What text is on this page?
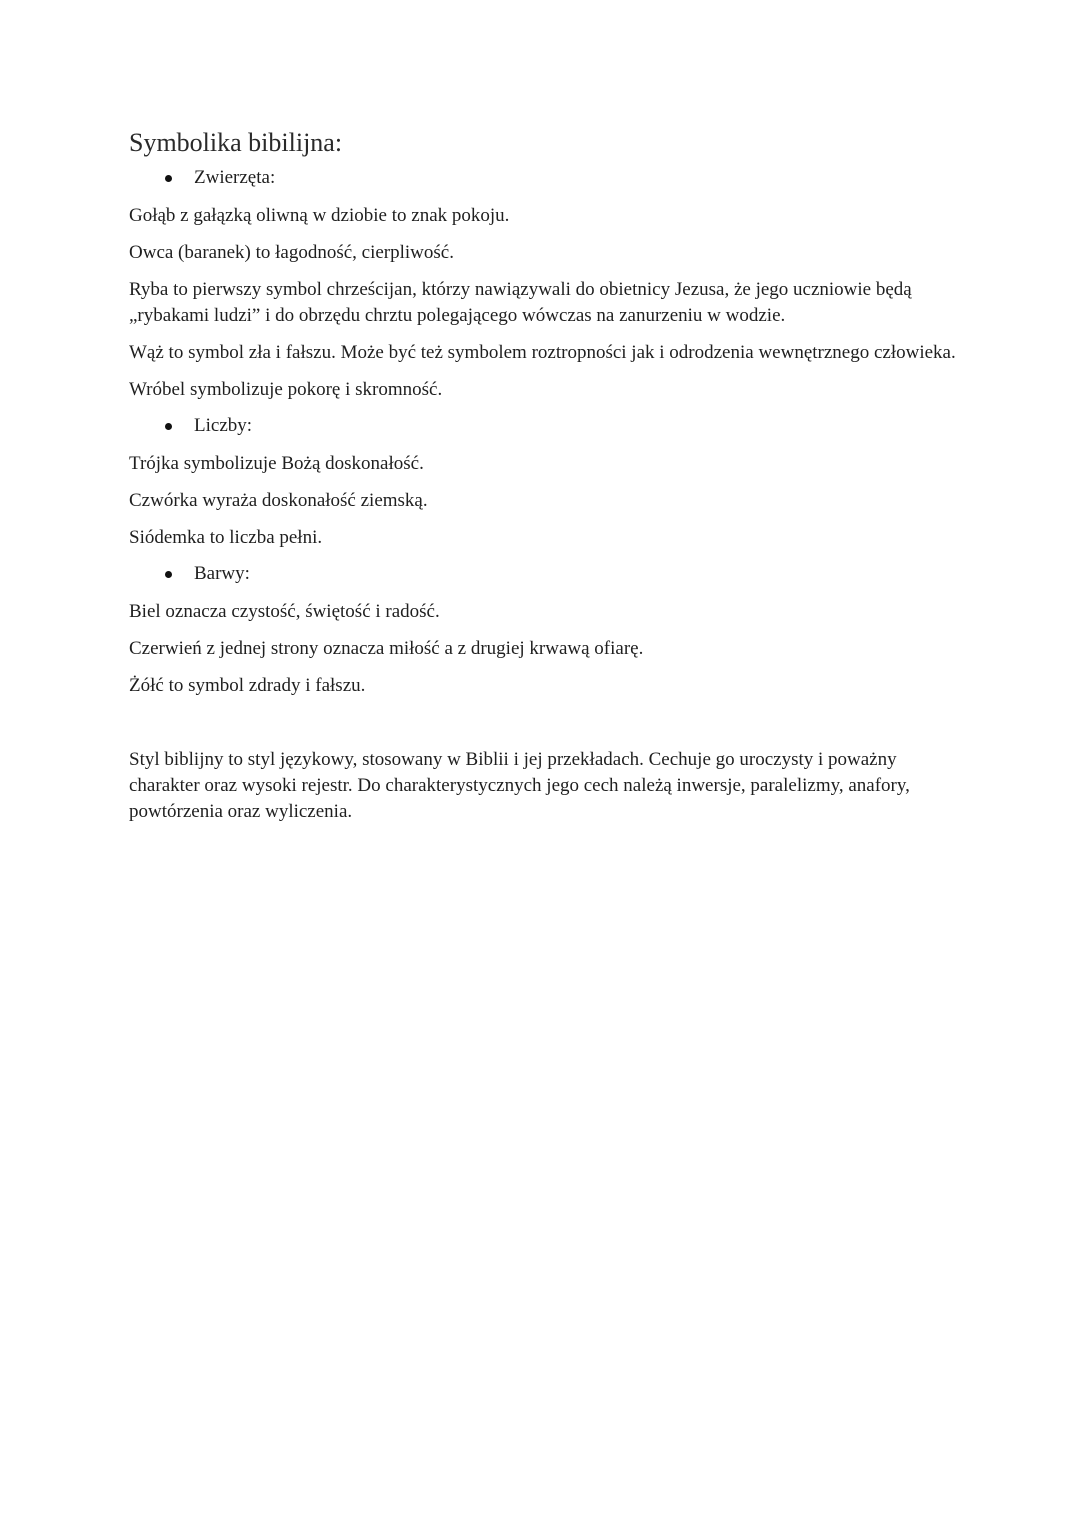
Symbolika bibilijna:
Zwierzęta:

Gołąb z gałązką oliwną w dziobie to znak pokoju.

Owca (baranek) to łagodność, cierpliwość.

Ryba to pierwszy symbol chrześcijan, którzy nawiązywali do obietnicy Jezusa, że jego uczniowie będą „rybakami ludzi” i do obrzędu chrztu polegającego wówczas na zanurzeniu w wodzie.

Wąż to symbol zła i fałszu. Może być też symbolem roztropności jak i odrodzenia wewnętrznego człowieka.

Wróbel symbolizuje pokorę i skromność.

Liczby:

Trójka symbolizuje Bożą doskonałość.

Czwórka wyraża doskonałość ziemską.

Siódemka to liczba pełni.

Barwy:

Biel oznacza czystość, świętość i radość.

Czerwień z jednej strony oznacza miłość a z drugiej krwawą ofiarę.

Żółć to symbol zdrady i fałszu.

Styl biblijny to styl językowy, stosowany w Biblii i jej przekładach. Cechuje go uroczysty i poważny charakter oraz wysoki rejestr. Do charakterystycznych jego cech należą inwersje, paralelizmy, anafory, powtórzenia oraz wyliczenia.
